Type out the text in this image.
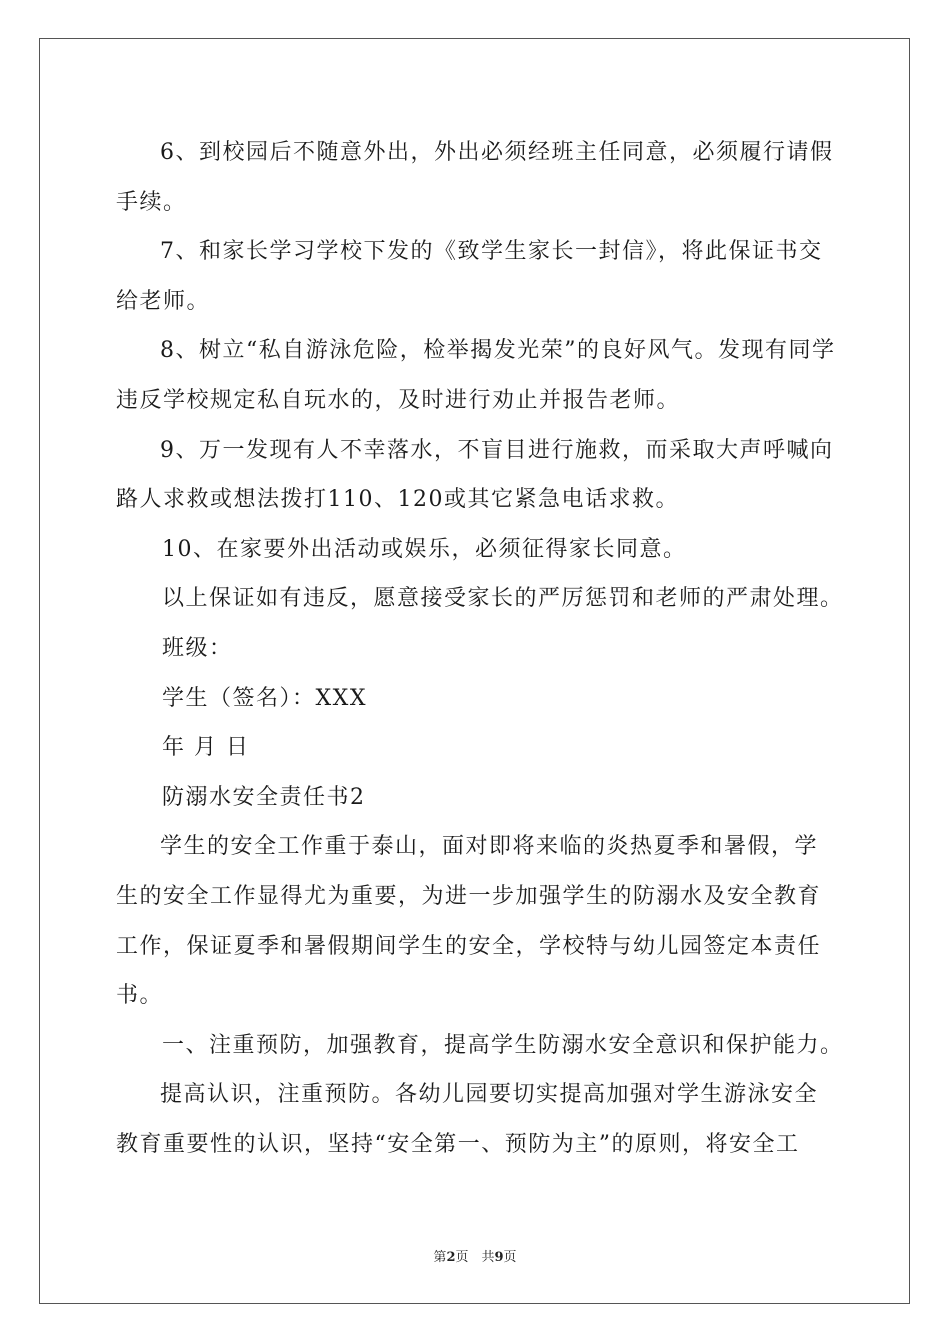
6、到校园后不随意外出，外出必须经班主任同意，必须履行请假手续。

7、和家长学习学校下发的《致学生家长一封信》，将此保证书交给老师。

8、树立“私自游泳危险，检举揭发光荣”的良好风气。发现有同学违反学校规定私自玩水的，及时进行劝止并报告老师。

9、万一发现有人不幸落水，不盲目进行施救，而采取大声呼喊向路人求救或想法拨打110、120或其它紧急电话求救。

10、在家要外出活动或娱乐，必须征得家长同意。

以上保证如有违反，愿意接受家长的严厉惩罚和老师的严肃处理。

班级：

学生（签名）：XXX

年 月 日

防溺水安全责任书2

学生的安全工作重于泰山，面对即将来临的炎热夏季和暑假，学生的安全工作显得尤为重要，为进一步加强学生的防溺水及安全教育工作，保证夏季和暑假期间学生的安全，学校特与幼儿园签定本责任书。

一、注重预防，加强教育，提高学生防溺水安全意识和保护能力。

提高认识，注重预防。各幼儿园要切实提高加强对学生游泳安全教育重要性的认识，坚持“安全第一、预防为主”的原则，将安全工

第2页　共9页
